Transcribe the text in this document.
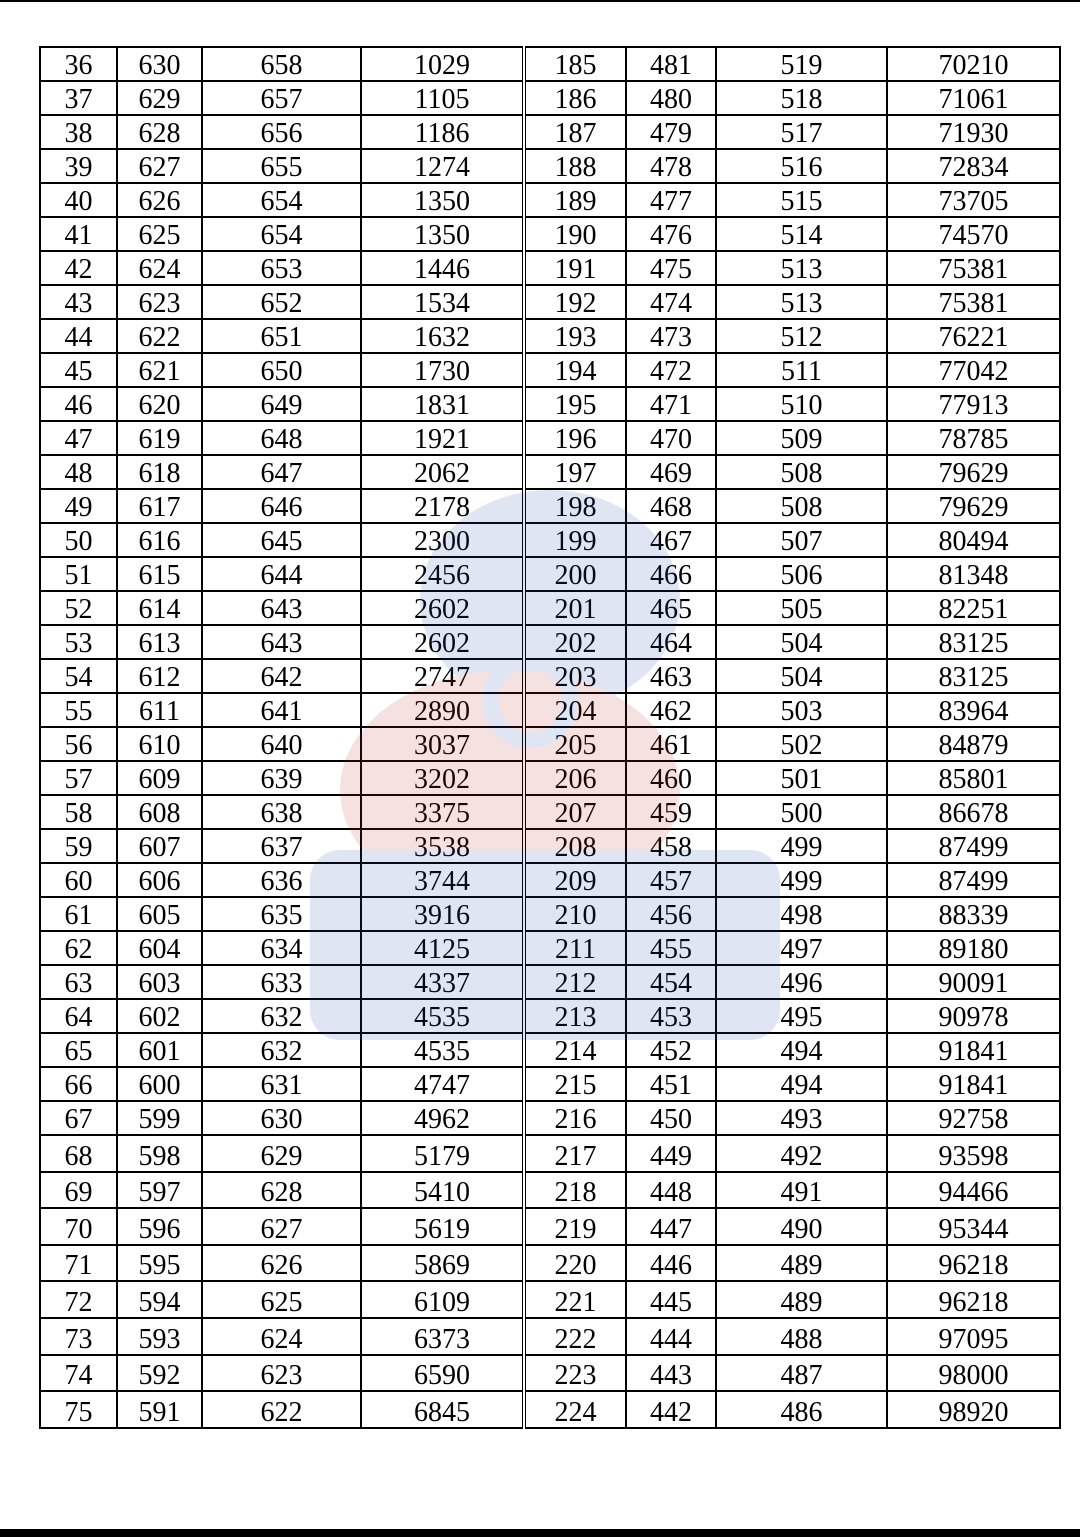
36	630	658	1029	185	481	519	70210
37	629	657	1105	186	480	518	71061
38	628	656	1186	187	479	517	71930
39	627	655	1274	188	478	516	72834
40	626	654	1350	189	477	515	73705
41	625	654	1350	190	476	514	74570
42	624	653	1446	191	475	513	75381
43	623	652	1534	192	474	513	75381
44	622	651	1632	193	473	512	76221
45	621	650	1730	194	472	511	77042
46	620	649	1831	195	471	510	77913
47	619	648	1921	196	470	509	78785
48	618	647	2062	197	469	508	79629
49	617	646	2178	198	468	508	79629
50	616	645	2300	199	467	507	80494
51	615	644	2456	200	466	506	81348
52	614	643	2602	201	465	505	82251
53	613	643	2602	202	464	504	83125
54	612	642	2747	203	463	504	83125
55	611	641	2890	204	462	503	83964
56	610	640	3037	205	461	502	84879
57	609	639	3202	206	460	501	85801
58	608	638	3375	207	459	500	86678
59	607	637	3538	208	458	499	87499
60	606	636	3744	209	457	499	87499
61	605	635	3916	210	456	498	88339
62	604	634	4125	211	455	497	89180
63	603	633	4337	212	454	496	90091
64	602	632	4535	213	453	495	90978
65	601	632	4535	214	452	494	91841
66	600	631	4747	215	451	494	91841
67	599	630	4962	216	450	493	92758
68	598	629	5179	217	449	492	93598
69	597	628	5410	218	448	491	94466
70	596	627	5619	219	447	490	95344
71	595	626	5869	220	446	489	96218
72	594	625	6109	221	445	489	96218
73	593	624	6373	222	444	488	97095
74	592	623	6590	223	443	487	98000
75	591	622	6845	224	442	486	98920
